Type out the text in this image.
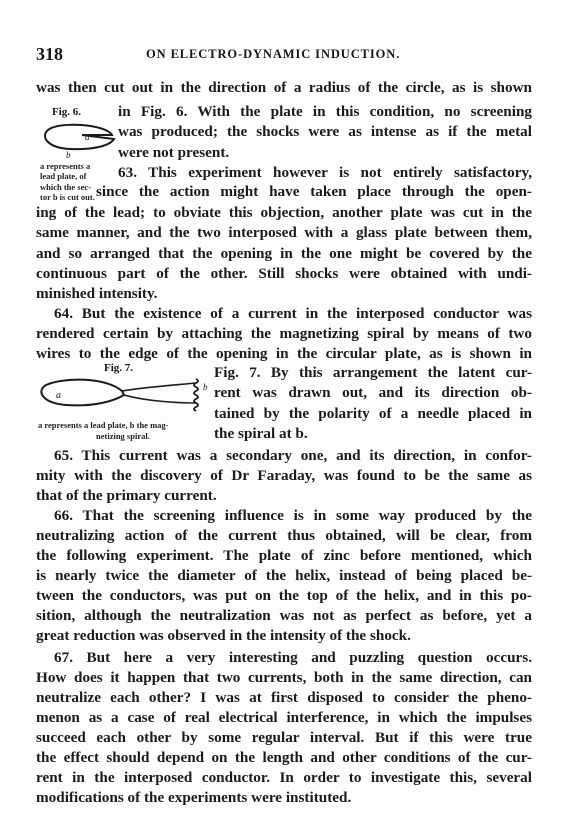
318	ON ELECTRO-DYNAMIC INDUCTION.
Fig. 6.
a
b
a represents a
lead plate, of
which the sec-
tor b is cut out.
Fig. 7.
a
b
a represents a lead plate, b the mag-
netizing spiral.
was then cut out in the direction of a radius of the circle, as is shown
in Fig. 6. With the plate in this condition, no screening
was produced; the shocks were as intense as if the metal
were not present.
63. This experiment however is not entirely satisfactory,
since the action might have taken place through the open-
ing of the lead; to obviate this objection, another plate was cut in the
same manner, and the two interposed with a glass plate between them,
and so arranged that the opening in the one might be covered by the
continuous part of the other. Still shocks were obtained with undi-
minished intensity.
64. But the existence of a current in the interposed conductor was
rendered certain by attaching the magnetizing spiral by means of two
wires to the edge of the opening in the circular plate, as is shown in
Fig. 7. By this arrangement the latent cur-
rent was drawn out, and its direction ob-
tained by the polarity of a needle placed in
the spiral at b.
65. This current was a secondary one, and its direction, in confor-
mity with the discovery of Dr Faraday, was found to be the same as
that of the primary current.
66. That the screening influence is in some way produced by the
neutralizing action of the current thus obtained, will be clear, from
the following experiment. The plate of zinc before mentioned, which
is nearly twice the diameter of the helix, instead of being placed be-
tween the conductors, was put on the top of the helix, and in this po-
sition, although the neutralization was not as perfect as before, yet a
great reduction was observed in the intensity of the shock.
67. But here a very interesting and puzzling question occurs.
How does it happen that two currents, both in the same direction, can
neutralize each other? I was at first disposed to consider the pheno-
menon as a case of real electrical interference, in which the impulses
succeed each other by some regular interval. But if this were true
the effect should depend on the length and other conditions of the cur-
rent in the interposed conductor. In order to investigate this, several
modifications of the experiments were instituted.
